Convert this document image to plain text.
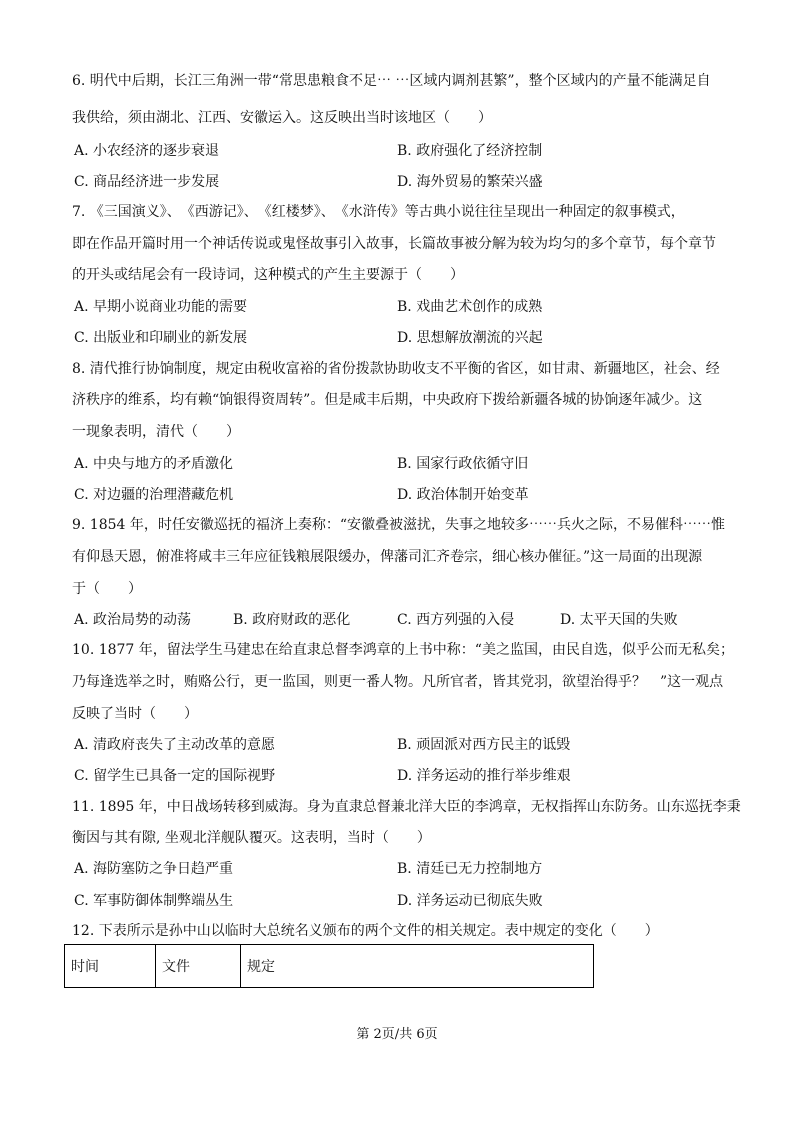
6. 明代中后期，长江三角洲一带“常思患粮食不足⋯ ⋯区域内调剂甚繁”，整个区域内的产量不能满足自
我供给，须由湖北、江西、安徽运入。这反映出当时该地区（　　）
A. 小农经济的逐步衰退	B. 政府强化了经济控制
C. 商品经济进一步发展	D. 海外贸易的繁荣兴盛
7. 《三国演义》、　《西游记》、　《红楼梦》、　《水浒传》等古典小说往往呈现出一种固定的叙事模式，
即在作品开篇时用一个神话传说或鬼怪故事引入故事，长篇故事被分解为较为均匀的多个章节，每个章节
的开头或结尾会有一段诗词，这种模式的产生主要源于（　　）
A. 早期小说商业功能的需要	B. 戏曲艺术创作的成熟
C. 出版业和印刷业的新发展	D. 思想解放潮流的兴起
8. 清代推行协饷制度，规定由税收富裕的省份拨款协助收支不平衡的省区，如甘肃、新疆地区，社会、经
济秩序的维系，均有赖“饷银得资周转”。但是咸丰后期，中央政府下拨给新疆各城的协饷逐年减少。这
一现象表明，清代（　　）
A. 中央与地方的矛盾激化	B. 国家行政依循守旧
C. 对边疆的治理潜藏危机	D. 政治体制开始变革
9. 1854 年，时任安徽巡抚的福济上奏称：“安徽叠被滋扰，失事之地较多⋯⋯兵火之际，不易催科⋯⋯惟
有仰恳天恩，俯准将咸丰三年应征钱粮展限缓办，俾藩司汇齐卷宗，细心核办催征。”这一局面的出现源
于（　　）
A. 政治局势的动荡	B. 政府财政的恶化	C. 西方列强的入侵	D. 太平天国的失败
10. 1877 年，留法学生马建忠在给直隶总督李鸿章的上书中称：“美之监国，由民自选，似乎公而无私矣；
乃每逢选举之时，贿赂公行，更一监国，则更一番人物。凡所官者，皆其党羽，欲望治得乎？　”这一观点
反映了当时（　　）
A. 清政府丧失了主动改革的意愿	B. 顽固派对西方民主的诋毁
C. 留学生已具备一定的国际视野	D. 洋务运动的推行举步维艰
11. 1895 年，中日战场转移到威海。身为直隶总督兼北洋大臣的李鸿章，无权指挥山东防务。山东巡抚李秉
衡因与其有隙, 坐观北洋舰队覆灭。这表明，当时（　　）
A. 海防塞防之争日趋严重	B. 清廷已无力控制地方
C. 军事防御体制弊端丛生	D. 洋务运动已彻底失败
12. 下表所示是孙中山以临时大总统名义颁布的两个文件的相关规定。表中规定的变化（　　）
时间	文件	规定
第 2页/共 6页
